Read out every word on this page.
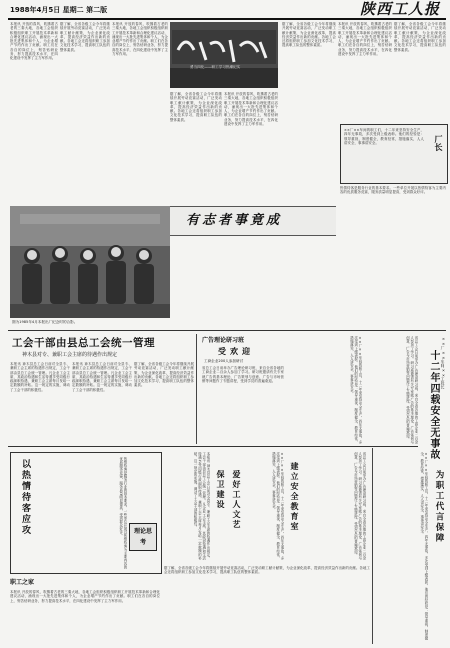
1988年4月5日 星期二 第二版	陕西工人报
本报讯 开放的春风，吹拂着古老的三秦大地，各地工会组织积极组织职工开展技术革新和合理化建议活动，涌现出一大批先进集体和个人，为企业增产节约作出了贡献。职工们在各自的岗位上，刻苦钻研业务，努力提高技术水平，在四化建设中发挥了主力军作用。
据了解，全省各级工会今年将继续开展劳动竞赛活动，广泛发动职工献计献策，为企业深化改革，提高经济效益作出新的贡献。各地工会还将组织职工参加文化技术学习，提高职工队伍的整体素质。
本报讯 开放的春风，吹拂着古老的三秦大地，各地工会组织积极组织职工开展技术革新和合理化建议活动，涌现出一大批先进集体和个人，为企业增产节约作出了贡献。职工们在各自的岗位上，刻苦钻研业务，努力提高技术水平，在四化建设中发挥了主力军作用。
图为1985年4月本报出厂纪念时的合影。
勇当四化——职工学习热潮纪实
据了解，全省各级工会今年将继续开展劳动竞赛活动，广泛发动职工献计献策，为企业深化改革，提高经济效益作出新的贡献。各地工会还将组织职工参加文化技术学习，提高职工队伍的整体素质。
本报讯 开放的春风，吹拂着古老的三秦大地，各地工会组织积极组织职工开展技术革新和合理化建议活动，涌现出一大批先进集体和个人，为企业增产节约作出了贡献。职工们在各自的岗位上，刻苦钻研业务，努力提高技术水平，在四化建设中发挥了主力军作用。
有志者事竟成
据了解，全省各级工会今年将继续开展劳动竞赛活动，广泛发动职工献计献策，为企业深化改革，提高经济效益作出新的贡献。各地工会还将组织职工参加文化技术学习，提高职工队伍的整体素质。
本报讯 开放的春风，吹拂着古老的三秦大地，各地工会组织积极组织职工开展技术革新和合理化建议活动，涌现出一大批先进集体和个人，为企业增产节约作出了贡献。职工们在各自的岗位上，刻苦钻研业务，努力提高技术水平，在四化建设中发挥了主力军作用。
据了解，全省各级工会今年将继续开展劳动竞赛活动，广泛发动职工献计献策，为企业深化改革，提高经济效益作出新的贡献。各地工会还将组织职工参加文化技术学习，提高职工队伍的整体素质。
××厂××车间的职工们，十二年来坚持安全生产，四年无事故，多次受到上级表彰。他们的经验是：领导重视，制度健全，教育经常，措施落实，人人讲安全，事事讲安全。	厂长
热情待客是服务行业的基本要求。一些单位开展以热情待客为主要内容的优质服务竞赛，服务质量明显提高，受到群众好评。
工会干部由县总工会统一管理
神木县对专、兼职工会主席的待遇作出规定
本报讯 神木县总工会日前对全县专、兼职工会主席的待遇作出规定，工会干部由县总工会统一管理。凡企业工会主席，其政治待遇和生活待遇享受同级行政副职待遇，兼职工会主席每月发给一定数额的补贴。这一规定的实施，调动了工会干部的积极性。
本报讯 神木县总工会日前对全县专、兼职工会主席的待遇作出规定，工会干部由县总工会统一管理。凡企业工会主席，其政治待遇和生活待遇享受同级行政副职待遇，兼职工会主席每月发给一定数额的补贴。这一规定的实施，调动了工会干部的积极性。
据了解，全省各级工会今年将继续开展劳动竞赛活动，广泛发动职工献计献策，为企业深化改革，提高经济效益作出新的贡献。各地工会还将组织职工参加文化技术学习，提高职工队伍的整体素质。
广告理论研习班
受欢迎
工商企业200人参加研讨
省总工会日前举办广告理论研习班，来自全省各地的工商企业二百余人参加了学习。研习班邀请有关专家就广告的基本理论、广告策划与创意、广告与市场营销等问题作了专题讲授，受到学员的普遍欢迎。	××厂××车间的职工们，十二年来坚持安全生产，四年无事故，多次受到上级表彰。他们的经验是：领导重视，制度健全，教育经常，措施落实，人人讲安全，事事讲安全。	省总工会日前举办广告理论研习班，来自全省各地的工商企业二百余人参加了学习。研习班邀请有关专家就广告的基本理论、广告策划与创意、广告与市场营销等问题作了专题讲授，受到学员的普遍欢迎。	十二年四载安全无事故 ××厂××车间××工段长
以热情待客应攻	热情待客是服务行业的基本要求。一些单位开展以热情待客为主要内容的优质服务竞赛，服务质量明显提高，受到群众好评。	理论思考
职工之家
本报讯 开放的春风，吹拂着古老的三秦大地，各地工会组织积极组织职工开展技术革新和合理化建议活动，涌现出一大批先进集体和个人，为企业增产节约作出了贡献。职工们在各自的岗位上，刻苦钻研业务，努力提高技术水平，在四化建设中发挥了主力军作用。
本报讯 神木县总工会日前对全县专、兼职工会主席的待遇作出规定，工会干部由县总工会统一管理。凡企业工会主席，其政治待遇和生活待遇享受同级行政副职待遇，兼职工会主席每月发给一定数额的补贴。这一规定的实施，调动了工会干部的积极性。	保卫建设 爱好工人文艺	××厂××车间的职工们，十二年来坚持安全生产，四年无事故，多次受到上级表彰。他们的经验是：领导重视，制度健全，教育经常，措施落实，人人讲安全，事事讲安全。	建立安全教育室	省总工会日前举办广告理论研习班，来自全省各地的工商企业二百余人参加了学习。研习班邀请有关专家就广告的基本理论、广告策划与创意、广告与市场营销等问题作了专题讲授，受到学员的普遍欢迎。
据了解，全省各级工会今年将继续开展劳动竞赛活动，广泛发动职工献计献策，为企业深化改革，提高经济效益作出新的贡献。各地工会还将组织职工参加文化技术学习，提高职工队伍的整体素质。	××厂××车间的职工们，十二年来坚持安全生产，四年无事故，多次受到上级表彰。他们的经验是：领导重视，制度健全，教育经常，措施落实，人人讲安全，事事讲安全。	为职工代言保障
